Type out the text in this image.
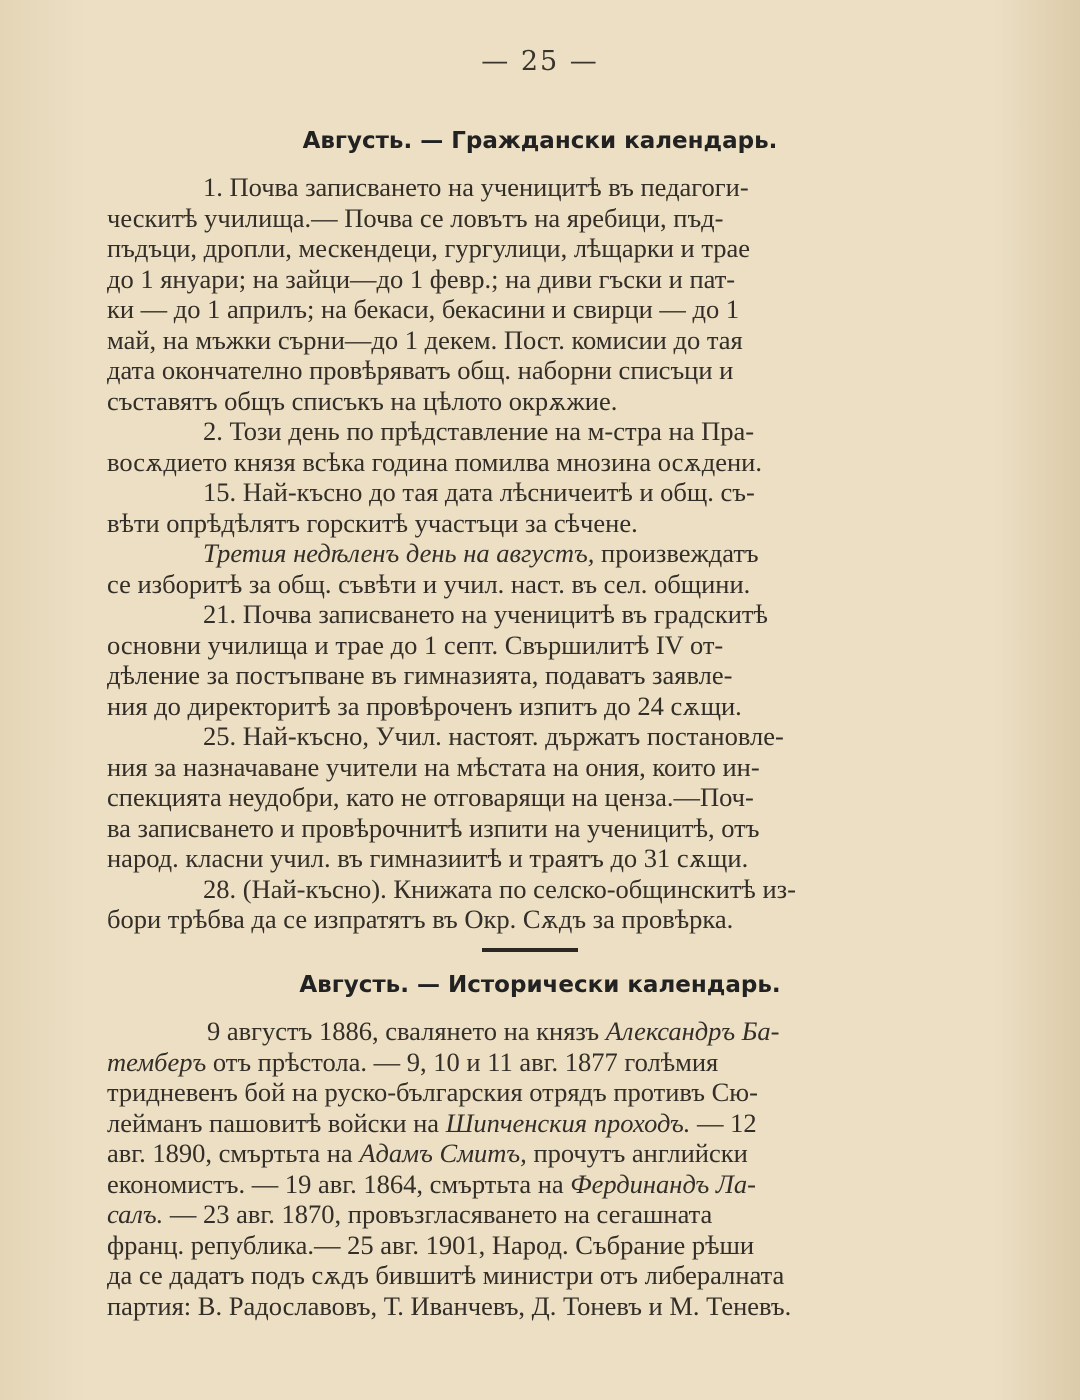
— 25 —
Августь. — Граждански календарь.
1. Почва записването на ученицитѣ въ педагоги-
ческитѣ училища.— Почва се ловътъ на яребици, пъд-
пъдъци, дропли, мескендеци, гургулици, лѣщарки и трае
до 1 януари; на зайци—до 1 февр.; на диви гъски и пат-
ки — до 1 априлъ; на бекаси, бекасини и свирци — до 1
май, на мъжки сърни—до 1 декем. Пост. комисии до тая
дата окончателно провѣряватъ общ. наборни списъци и
съставятъ общъ списъкъ на цѣлото окрѫжие.
2. Този день по прѣдставление на м-стра на Пра-
восѫдието князя всѣка година помилва мнозина осѫдени.
15. Най-късно до тая дата лѣсничеитѣ и общ. съ-
вѣти опрѣдѣлятъ горскитѣ участъци за сѣчене.
Третия недѣленъ день на августъ, произвеждатъ
се изборитѣ за общ. съвѣти и учил. наст. въ сел. общини.
21. Почва записването на ученицитѣ въ градскитѣ
основни училища и трае до 1 септ. Свършилитѣ IV от-
дѣление за постъпване въ гимназията, подаватъ заявле-
ния до директоритѣ за провѣроченъ изпитъ до 24 сѫщи.
25. Най-късно, Учил. настоят. държатъ постановле-
ния за назначаване учители на мѣстата на ония, които ин-
спекцията неудобри, като не отговарящи на ценза.—Поч-
ва записването и провѣрочнитѣ изпити на ученицитѣ, отъ
народ. класни учил. въ гимназиитѣ и траятъ до 31 сѫщи.
28. (Най-късно). Книжата по селско-общинскитѣ из-
бори трѣбва да се изпратятъ въ Окр. Сѫдъ за провѣрка.
Августь. — Исторически календарь.
9 августъ 1886, свалянето на князъ Александръ Ба-
темберъ отъ прѣстола. — 9, 10 и 11 авг. 1877 голѣмия
тридневенъ бой на руско-българския отрядъ противъ Сю-
лейманъ пашовитѣ войски на Шипченския проходъ. — 12
авг. 1890, смъртьта на Адамъ Смитъ, прочутъ английски
економистъ. — 19 авг. 1864, смъртьта на Фердинандъ Ла-
салъ. — 23 авг. 1870, провъзгласяването на сегашната
франц. република.— 25 авг. 1901, Народ. Събрание рѣши
да се дадатъ подъ сѫдъ бившитѣ министри отъ либералната
партия: В. Радославовъ, Т. Иванчевъ, Д. Тоневъ и М. Теневъ.
